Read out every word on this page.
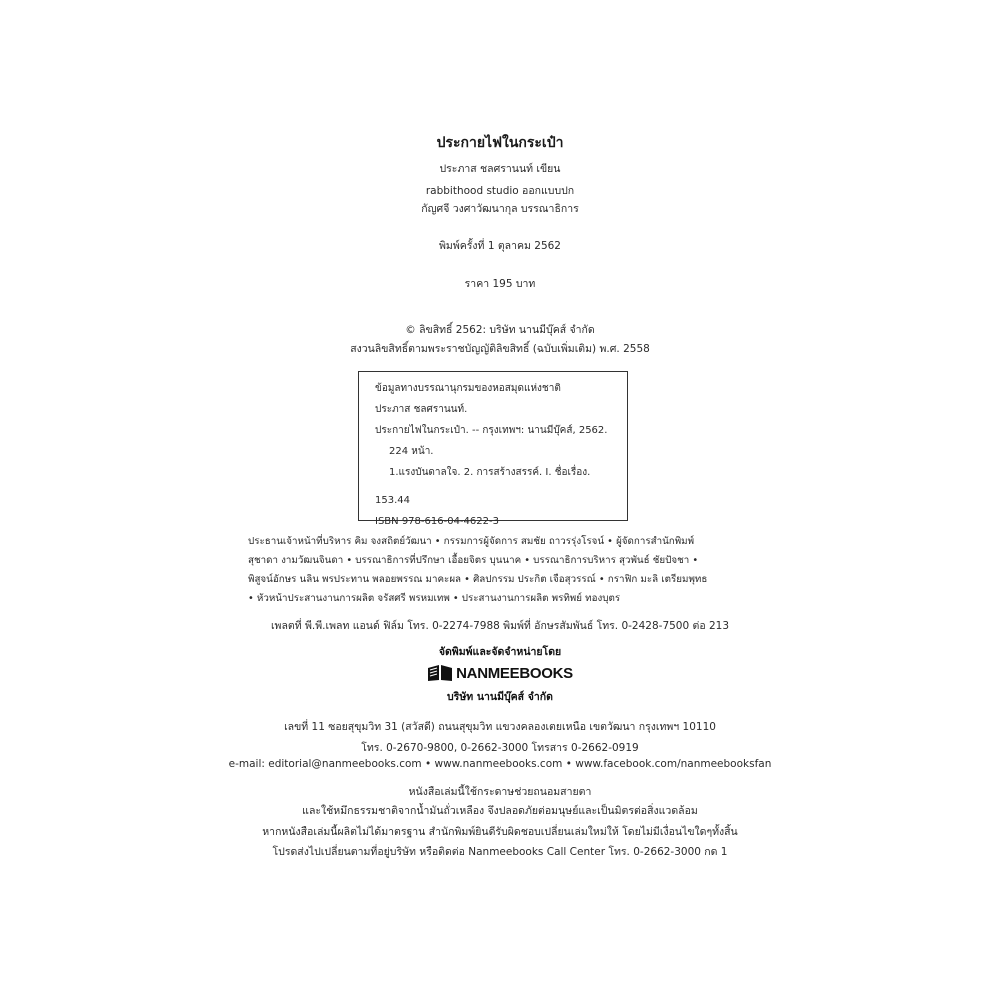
ประกายไฟในกระเป๋า
ประภาส ชลศรานนท์ เขียน
rabbithood studio ออกแบบปก
กัญศจี วงศาวัฒนากุล บรรณาธิการ
พิมพ์ครั้งที่ 1 ตุลาคม 2562
ราคา 195 บาท
© ลิขสิทธิ์ 2562: บริษัท นานมีบุ๊คส์ จำกัด
สงวนลิขสิทธิ์ตามพระราชบัญญัติลิขสิทธิ์ (ฉบับเพิ่มเติม) พ.ศ. 2558
ข้อมูลทางบรรณานุกรมของหอสมุดแห่งชาติ
ประภาส ชลศรานนท์.
ประกายไฟในกระเป๋า. -- กรุงเทพฯ: นานมีบุ๊คส์, 2562.
224 หน้า.
1.แรงบันดาลใจ. 2. การสร้างสรรค์. I. ชื่อเรื่อง.
153.44
ISBN 978-616-04-4622-3
ประธานเจ้าหน้าที่บริหาร คิม จงสถิตย์วัฒนา • กรรมการผู้จัดการ สมชัย ถาวรรุ่งโรจน์ • ผู้จัดการสำนักพิมพ์
สุชาดา งามวัฒนจินดา • บรรณาธิการที่ปรึกษา เอื้อยจิตร บุนนาค • บรรณาธิการบริหาร สุวพันธ์ ชัยปัจชา •
พิสูจน์อักษร นลิน พรประทาน พลอยพรรณ มาคะผล • ศิลปกรรม ประกิต เจือสุวรรณ์ • กราฟิก มะลิ เตรียมพุทธ
• หัวหน้าประสานงานการผลิต จรัสศรี พรหมเทพ • ประสานงานการผลิต พรทิพย์ ทองบุตร
เพลตที่ พี.พี.เพลท แอนด์ ฟิล์ม โทร. 0-2274-7988 พิมพ์ที่ อักษรสัมพันธ์ โทร. 0-2428-7500 ต่อ 213
จัดพิมพ์และจัดจำหน่ายโดย
NANMEEBOOKS
บริษัท นานมีบุ๊คส์ จำกัด
เลขที่ 11 ซอยสุขุมวิท 31 (สวัสดี) ถนนสุขุมวิท แขวงคลองเตยเหนือ เขตวัฒนา กรุงเทพฯ 10110
โทร. 0-2670-9800, 0-2662-3000 โทรสาร 0-2662-0919
e-mail: editorial@nanmeebooks.com • www.nanmeebooks.com • www.facebook.com/nanmeebooksfan
หนังสือเล่มนี้ใช้กระดาษช่วยถนอมสายตา
และใช้หมึกธรรมชาติจากน้ำมันถั่วเหลือง จึงปลอดภัยต่อมนุษย์และเป็นมิตรต่อสิ่งแวดล้อม
หากหนังสือเล่มนี้ผลิตไม่ได้มาตรฐาน สำนักพิมพ์ยินดีรับผิดชอบเปลี่ยนเล่มใหม่ให้ โดยไม่มีเงื่อนไขใดๆทั้งสิ้น
โปรดส่งไปเปลี่ยนตามที่อยู่บริษัท หรือติดต่อ Nanmeebooks Call Center โทร. 0-2662-3000 กด 1
